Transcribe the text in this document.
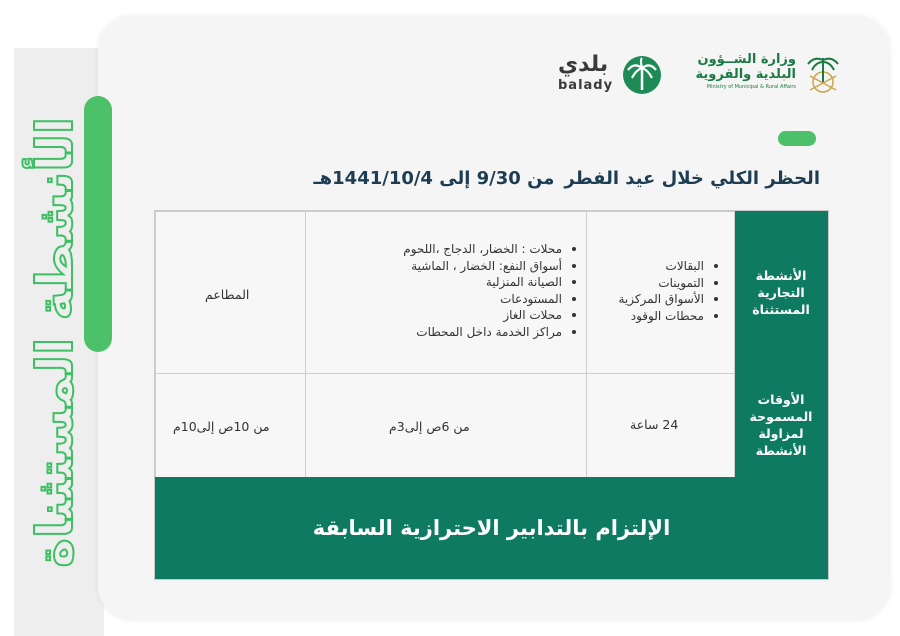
الأنشطة المستثناة
وزارة الشــؤون
البلدية والقروية
Ministry of Municipal & Rural Affairs
بلدي
balady
الحظر الكلي خلال عيد الفطرمن 9/30 إلى 1441/10/4هـ
الأنشطة التجارية المستثناة
الأوقات المسموحة لمزاولة الأنشطة
البقالات
التموينات
الأسواق المركزية
محطات الوقود
محلات : الخضار، الدجاج ،اللحوم
أسواق النفع: الخضار ، الماشية
الصيانة المنزلية
المستودعات
محلات الغاز
مراكز الخدمة داخل المحطات
المطاعم
24 ساعة
من 6ص إلى3م
من 10ص إلى10م
الإلتزام بالتدابير الاحترازية السابقة
